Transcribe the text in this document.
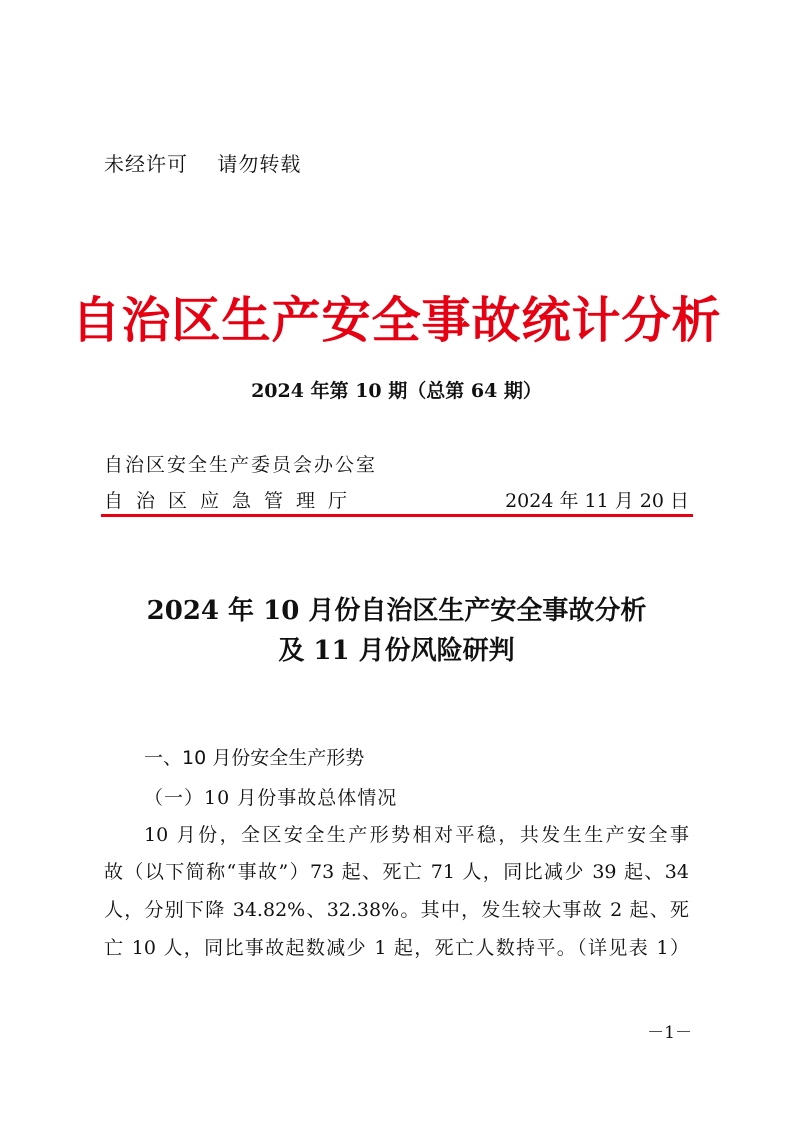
未经许可    请勿转载
自治区生产安全事故统计分析
2024 年第 10 期（总第 64 期）
自治区安全生产委员会办公室
自治区应急管理厅	2024 年 11 月 20 日
2024 年 10 月份自治区生产安全事故分析
及 11 月份风险研判
一、10 月份安全生产形势
（一）10 月份事故总体情况
10 月份，全区安全生产形势相对平稳，共发生生产安全事
故（以下简称“事故”）73 起、死亡 71 人，同比减少 39 起、34
人，分别下降 34.82%、32.38%。其中，发生较大事故 2 起、死
亡 10 人，同比事故起数减少 1 起，死亡人数持平。（详见表 1）
－1－
